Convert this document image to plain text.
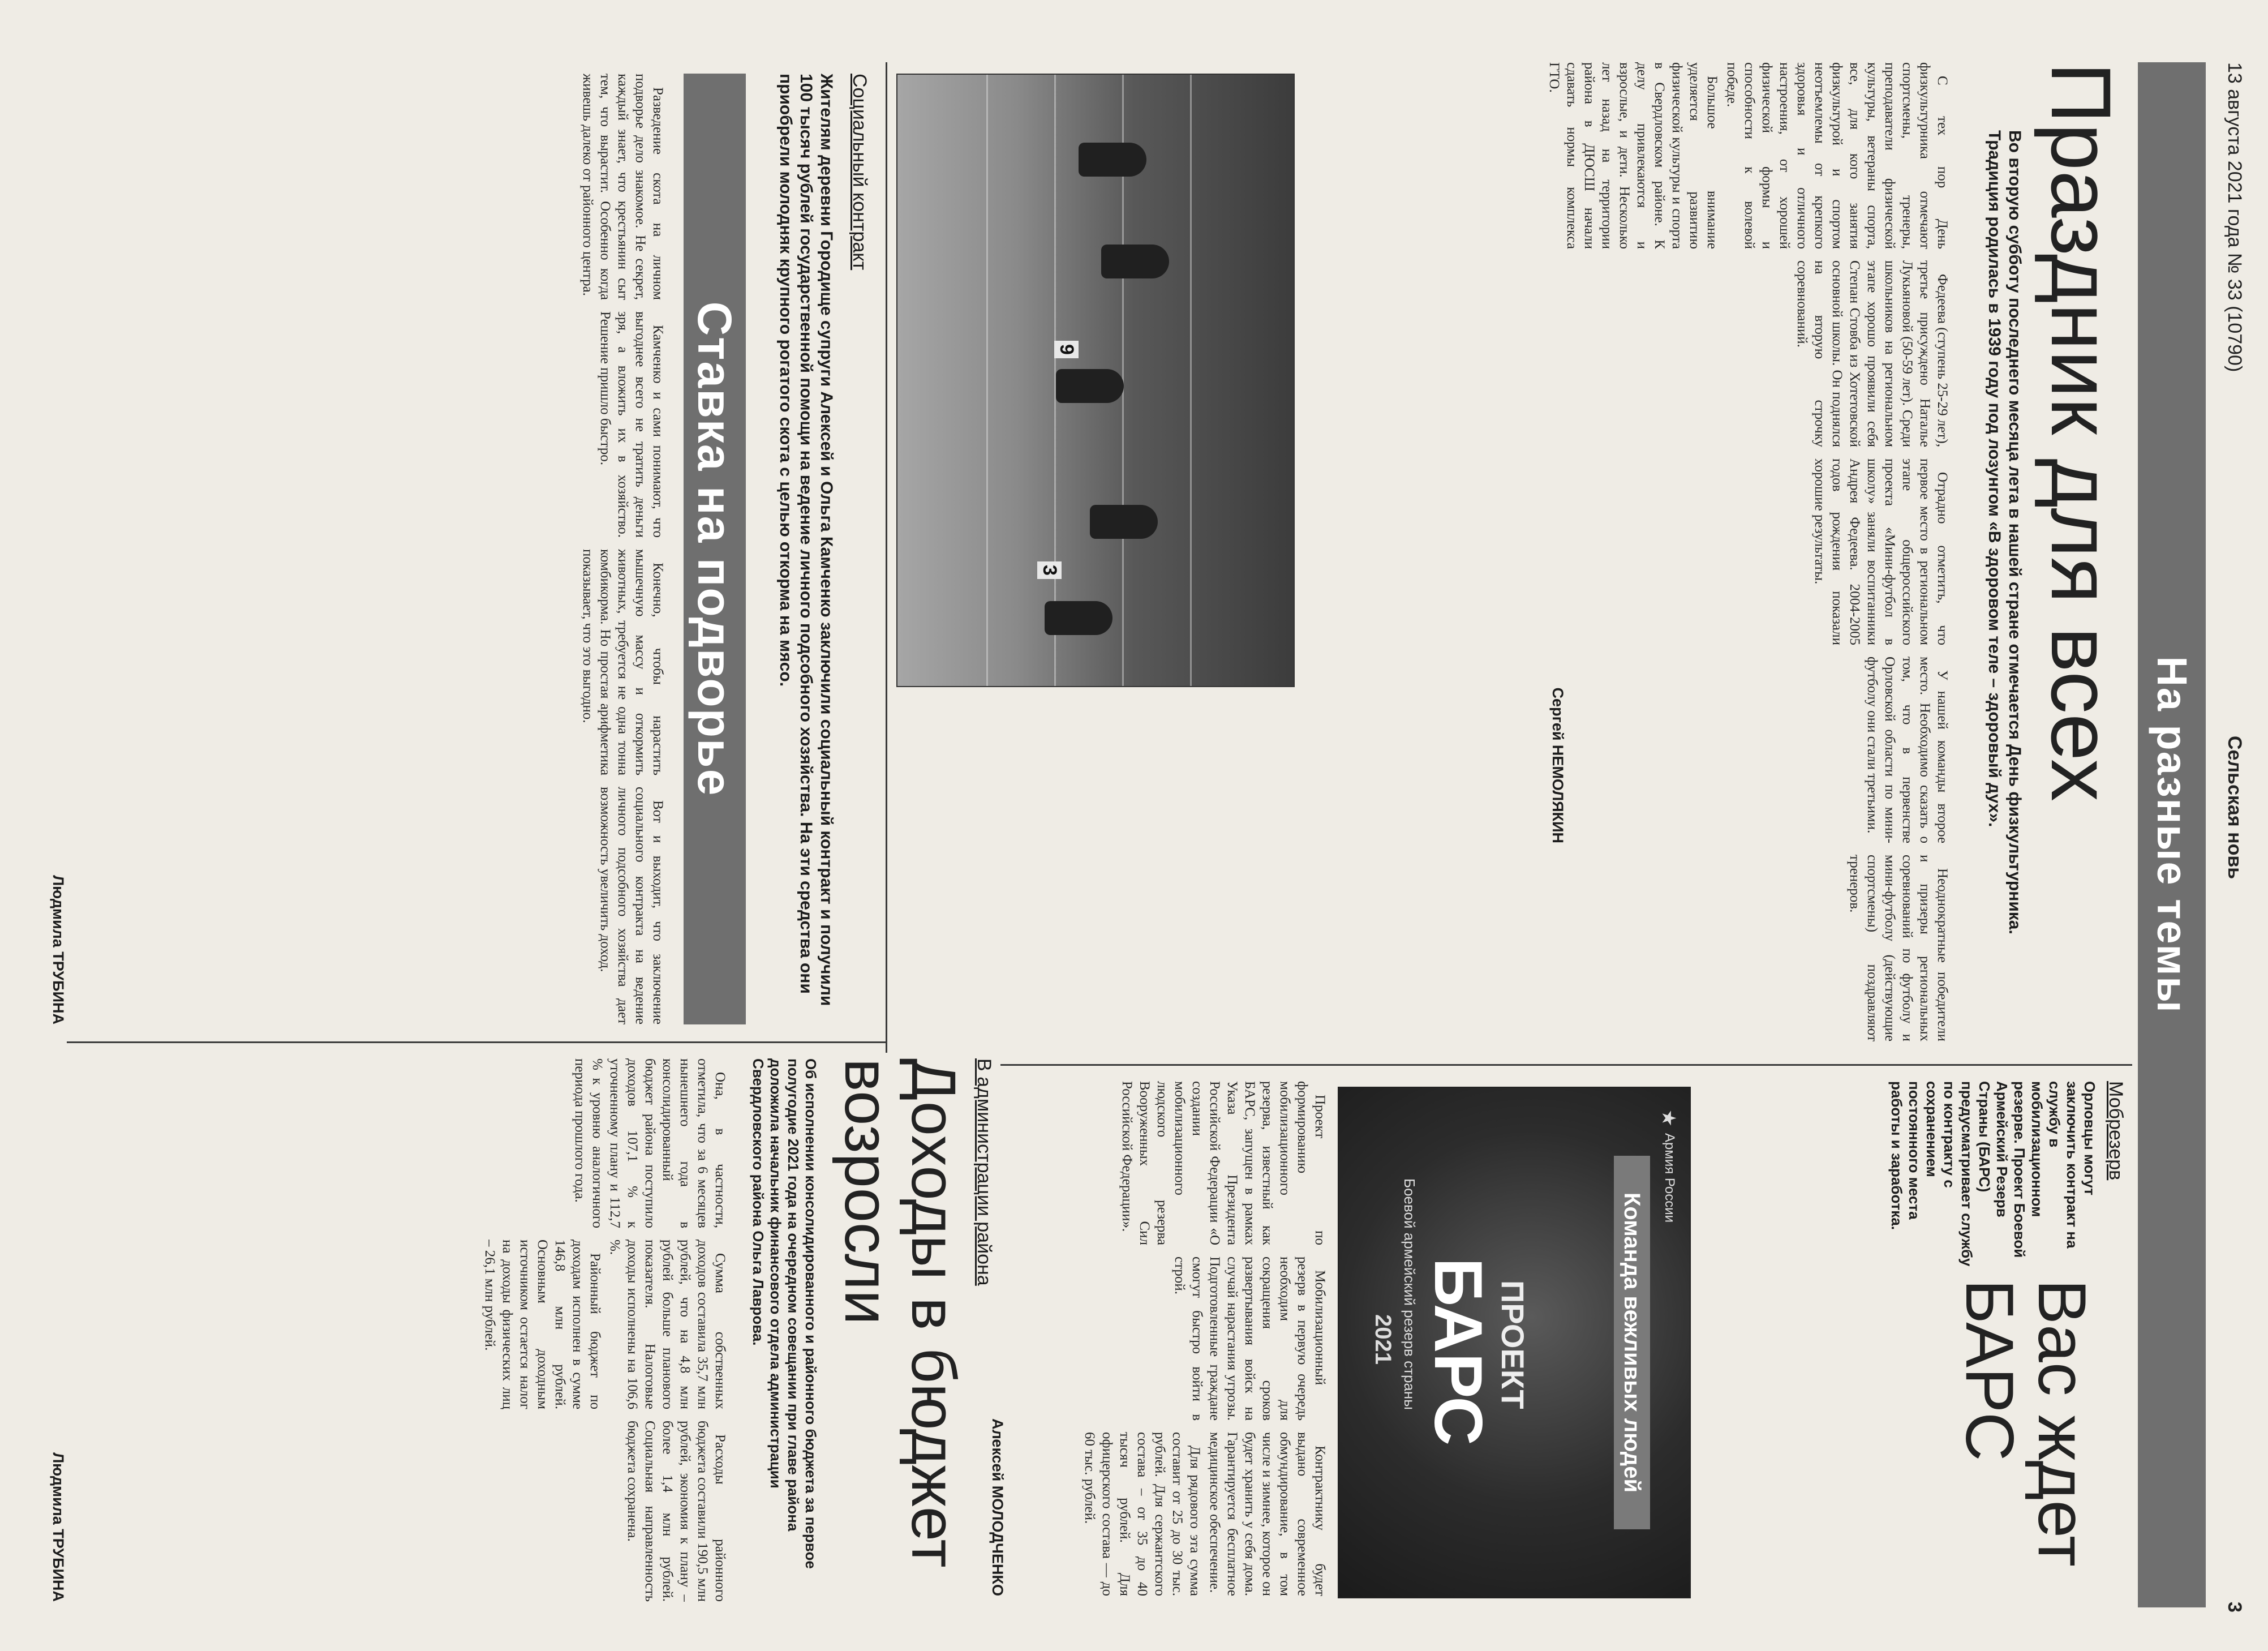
13 августа 2021 года № 33 (10790)
Сельская новь
3
На разные темы
Праздник для всех
Во вторую субботу последнего месяца лета в нашей стране отмечается День физкультурника. Традиция родилась в 1939 году под лозунгом «В здоровом теле – здоровый дух».

С тех пор День физкультурника отмечают спортсмены, тренеры, преподаватели физической культуры, ветераны спорта, все, для кого занятия физкультурой и спортом неотъемлемы от крепкого здоровья и отличного настроения, от хорошей физической формы и способности к волевой победе.

Большое внимание уделяется развитию физической культуры и спорта в Свердловском районе. К делу привлекаются и взрослые, и дети. Несколько лет назад на территории района в ДЮСШ начали сдавать нормы комплекса ГТО.

Федеева (ступень 25-29 лет), третье присуждено Наталье Лукьяновой (50-59 лет). Среди школьников на региональном этапе хорошо проявили себя Степан Стовба из Хотетовской основной школы. Он поднялся на вторую строчку соревнований.

Отрадно отметить, что первое место в региональном этапе общероссийского проекта «Мини-футбол в школу» заняли воспитанники Андрея Федеева. 2004-2005 годов рождения показали хорошие результаты.

У нашей команды второе место. Необходимо сказать о том, что в первенстве Орловской области по мини-футболу они стали третьими.

Неоднократные победители и призеры региональных соревнований по футболу и мини-футболу (действующие спортсмены) поздравляют тренеров.

9
3
Сергей НЕМОЛЯКИН
Мобрезерв
Орловцы могут заключить контракт на службу в мобилизационном резерве. Проект Боевой Армейский Резерв Страны (БАРС) предусматривает службу по контракту с сохранением постоянного места работы и заработка.
Вас ждет БАРС
★
Армия России
Команда вежливых людей
ПРОЕКТ
БАРС
Боевой армейский резерв страны
2021

Проект по формированию мобилизационного резерва, известный как БАРС, запущен в рамках Указа Президента Российской Федерации «О создании мобилизационного людского резерва Вооруженных Сил Российской Федерации».

Мобилизационный резерв в первую очередь необходим для сокращения сроков развертывания войск на случай нарастания угрозы. Подготовленные граждане смогут быстро войти в строй.

Контрактнику будет выдано современное обмундирование, в том числе и зимнее, которое он будет хранить у себя дома. Гарантируется бесплатное медицинское обеспечение.

Для рядового эта сумма составит от 25 до 30 тыс. рублей. Для сержантского состава – от 35 до 40 тысяч рублей. Для офицерского состава — до 60 тыс. рублей.

Алексей МОЛОДЧЕНКО
Социальный контракт
Жителям деревни Городище супруги Алексей и Ольга Камченко заключили социальный контракт и получили 100 тысяч рублей государственной помощи на ведение личного подсобного хозяйства. На эти средства они приобрели молодняк крупного рогатого скота с целью откорма на мясо.
Ставка на подворье

Разведение скота на личном подворье дело знакомое. Не секрет, каждый знает, что крестьянин сыт тем, что вырастит. Особенно когда живешь далеко от районного центра.

Камченко и сами понимают, что выгоднее всего не тратить деньги зря, а вложить их в хозяйство. Решение пришло быстро.

Конечно, чтобы нарастить мышечную массу и откормить животных, требуется не одна тонна комбикорма. Но простая арифметика показывает, что это выгодно.

Вот и выходит, что заключение социального контракта на ведение личного подсобного хозяйства дает возможность увеличить доход.

Людмила ТРУБИНА
В администрации района
Доходы в бюджет возросли
Об исполнении консолидированного и районного бюджета за первое полугодие 2021 года на очередном совещании при главе района доложила начальник финансового отдела администрации Свердловского района Ольга Лаврова.

Она, в частности, отметила, что за 6 месяцев нынешнего года в консолидированный бюджет района поступило доходов 107,1 % к уточненному плану и 112,7 % к уровню аналогичного периода прошлого года.

Сумма собственных доходов составила 35,7 млн рублей, что на 4,8 млн рублей больше планового показателя. Налоговые доходы исполнены на 106,6 %.

Районный бюджет по доходам исполнен в сумме 146,8 млн рублей. Основным доходным источником остается налог на доходы физических лиц – 26,1 млн рублей.

Расходы районного бюджета составили 190,5 млн рублей, экономия к плану – более 1,4 млн рублей. Социальная направленность бюджета сохранена.

Людмила ТРУБИНА
